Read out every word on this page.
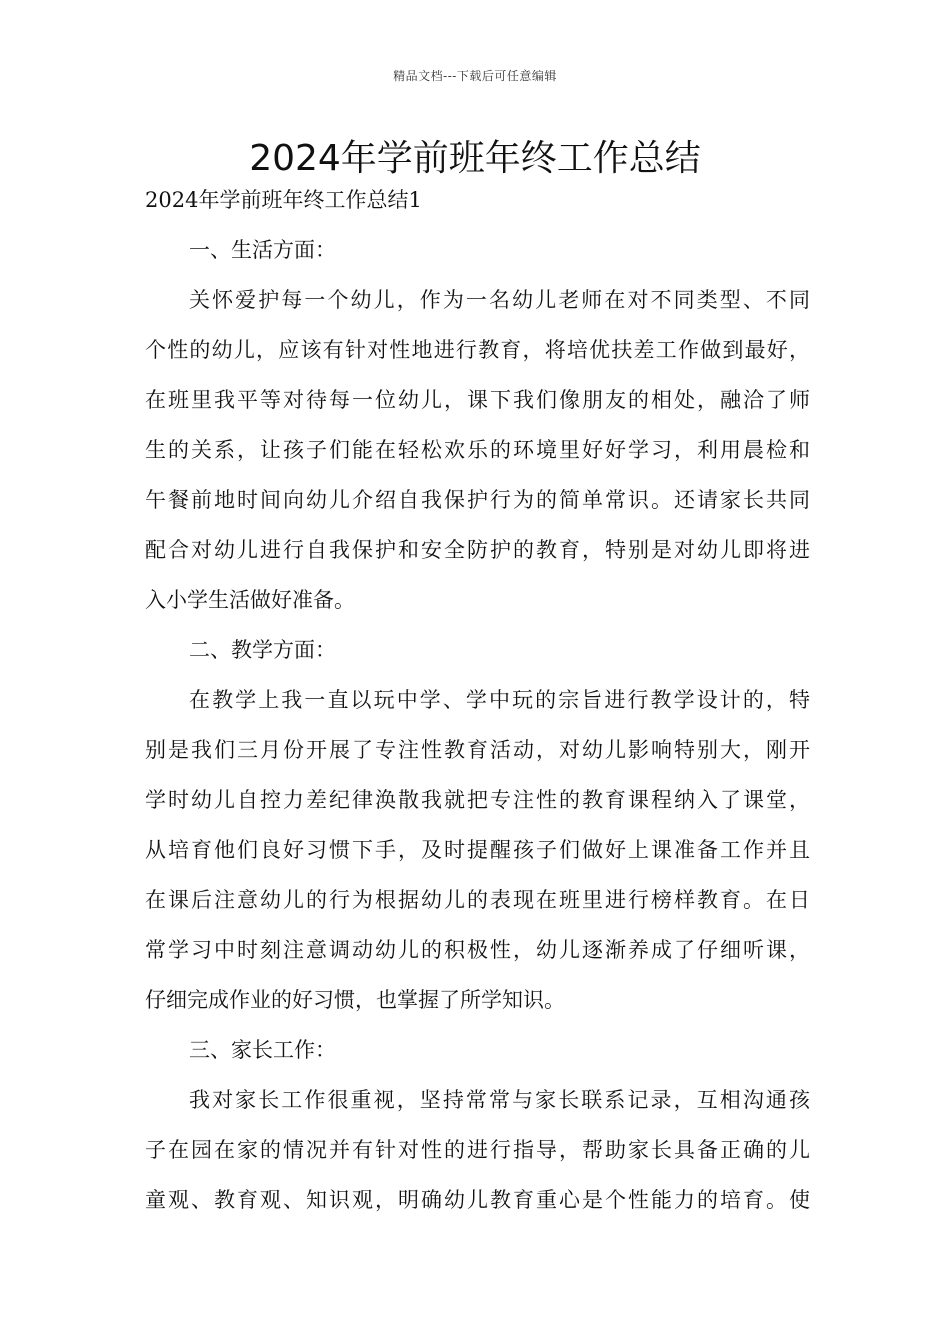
精品文档---下载后可任意编辑
2024年学前班年终工作总结
2024年学前班年终工作总结1
一、生活方面：
关怀爱护每一个幼儿，作为一名幼儿老师在对不同类型、不同
个性的幼儿，应该有针对性地进行教育，将培优扶差工作做到最好，
在班里我平等对待每一位幼儿，课下我们像朋友的相处，融洽了师
生的关系，让孩子们能在轻松欢乐的环境里好好学习，利用晨检和
午餐前地时间向幼儿介绍自我保护行为的简单常识。还请家长共同
配合对幼儿进行自我保护和安全防护的教育，特别是对幼儿即将进
入小学生活做好准备。
二、教学方面：
在教学上我一直以玩中学、学中玩的宗旨进行教学设计的，特
别是我们三月份开展了专注性教育活动，对幼儿影响特别大，刚开
学时幼儿自控力差纪律涣散我就把专注性的教育课程纳入了课堂，
从培育他们良好习惯下手，及时提醒孩子们做好上课准备工作并且
在课后注意幼儿的行为根据幼儿的表现在班里进行榜样教育。在日
常学习中时刻注意调动幼儿的积极性，幼儿逐渐养成了仔细听课，
仔细完成作业的好习惯，也掌握了所学知识。
三、家长工作：
我对家长工作很重视，坚持常常与家长联系记录，互相沟通孩
子在园在家的情况并有针对性的进行指导，帮助家长具备正确的儿
童观、教育观、知识观，明确幼儿教育重心是个性能力的培育。使
